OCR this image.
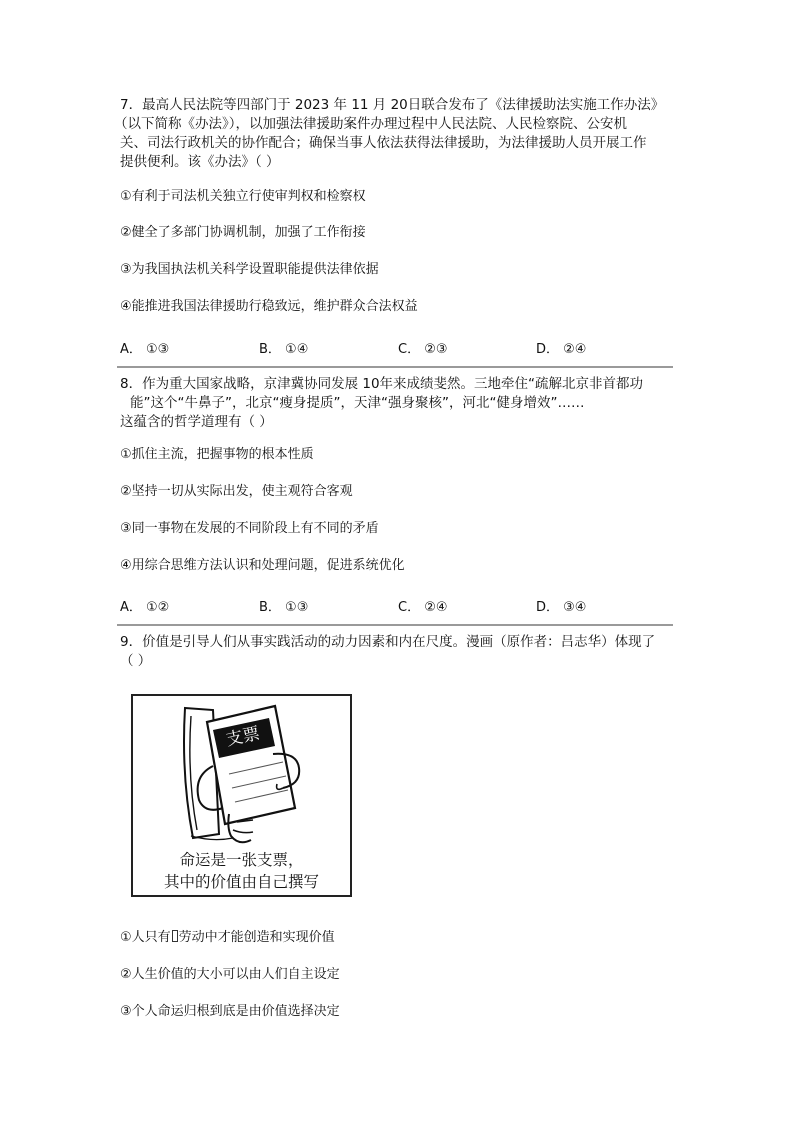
7．最高人民法院等四部门于 2023 年 11 月 20日联合发布了《法律援助法实施工作办法》

（以下简称《办法》），以加强法律援助案件办理过程中人民法院、人民检察院、公安机

关、司法行政机关的协作配合；确保当事人依法获得法律援助，为法律援助人员开展工作

提供便利。该《办法》（ ）

①有利于司法机关独立行使审判权和检察权

②健全了多部门协调机制，加强了工作衔接

③为我国执法机关科学设置职能提供法律依据

④能推进我国法律援助行稳致远，维护群众合法权益

A． ①③	B． ①④	C． ②③	D． ②④

8．作为重大国家战略，京津冀协同发展 10年来成绩斐然。三地牵住“疏解北京非首都功

能”这个“牛鼻子”，北京“瘦身提质”，天津“强身聚核”，河北“健身增效”……

这蕴含的哲学道理有（ ）

①抓住主流，把握事物的根本性质

②坚持一切从实际出发，使主观符合客观

③同一事物在发展的不同阶段上有不同的矛盾

④用综合思维方法认识和处理问题，促进系统优化

A． ①②	B． ①③	C． ②④	D． ③④

9．价值是引导人们从事实践活动的动力因素和内在尺度。漫画（原作者：吕志华）体现了

（ ）

支票
命运是一张支票，
其中的价值由自己撰写

①人只有 劳动中才能创造和实现价值

②人生价值的大小可以由人们自主设定

③个人命运归根到底是由价值选择决定
